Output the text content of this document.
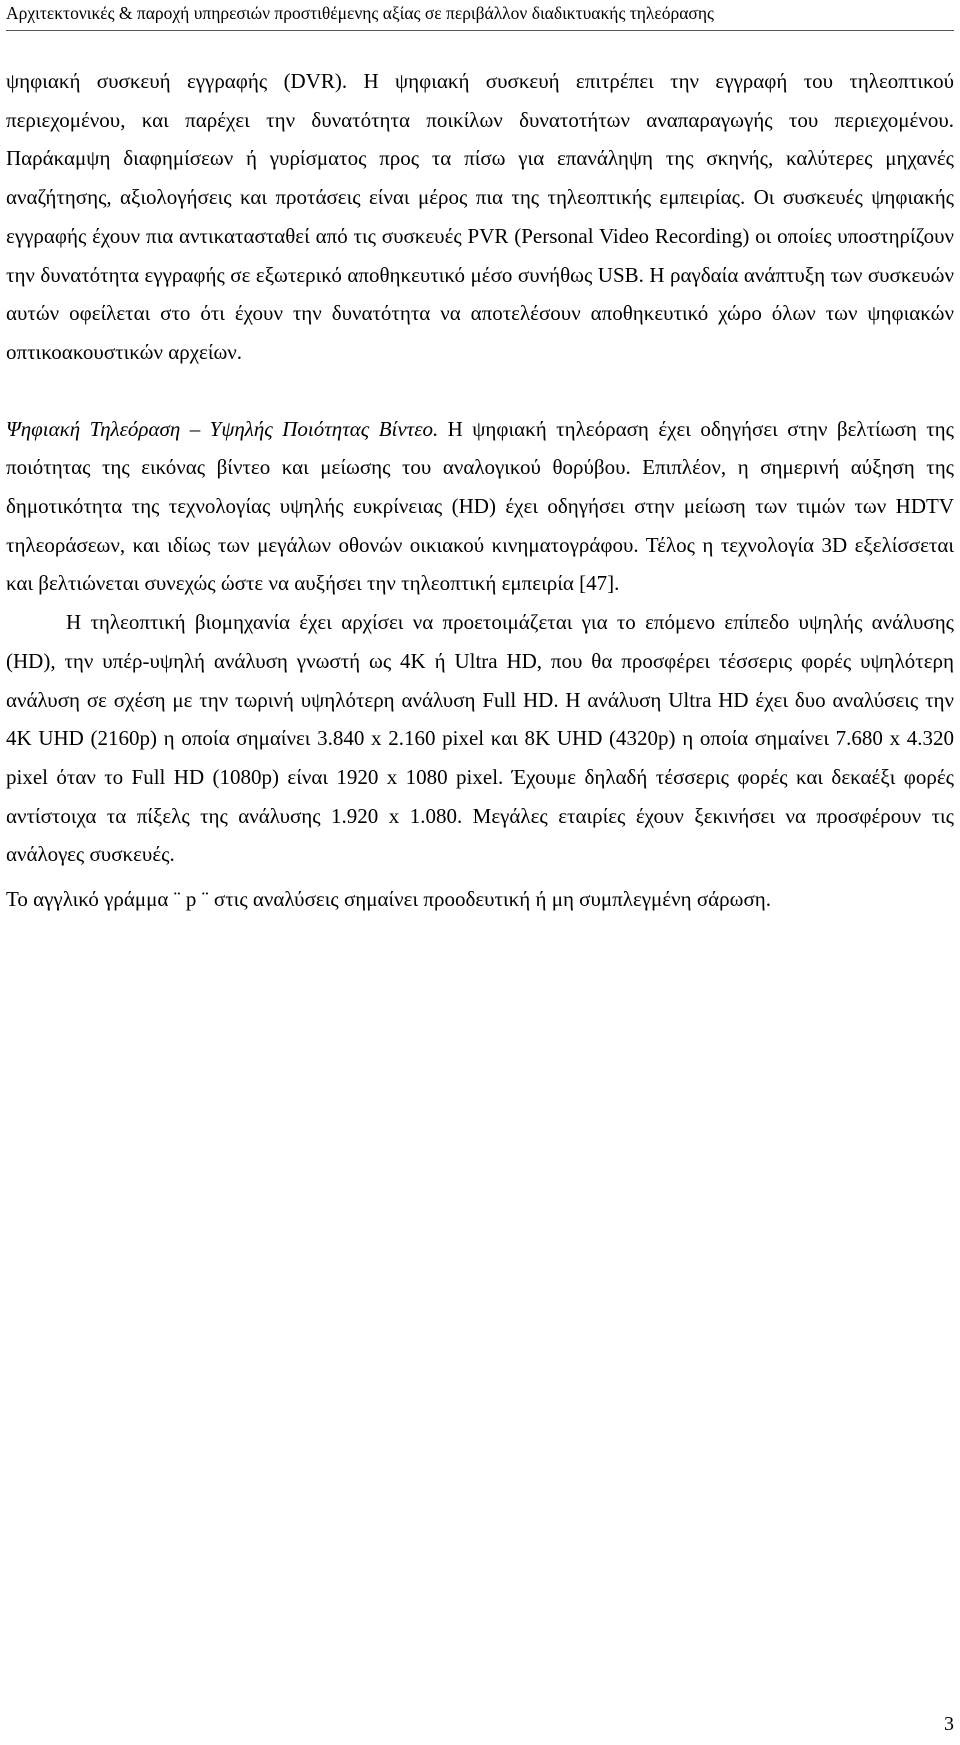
Αρχιτεκτονικές & παροχή υπηρεσιών προστιθέμενης αξίας σε περιβάλλον διαδικτυακής τηλεόρασης

ψηφιακή συσκευή εγγραφής (DVR). Η ψηφιακή συσκευή επιτρέπει την εγγραφή του τηλεοπτικού περιεχομένου, και παρέχει την δυνατότητα ποικίλων δυνατοτήτων αναπαραγωγής του περιεχομένου. Παράκαμψη διαφημίσεων ή γυρίσματος προς τα πίσω για επανάληψη της σκηνής, καλύτερες μηχανές αναζήτησης, αξιολογήσεις και προτάσεις είναι μέρος πια της τηλεοπτικής εμπειρίας. Οι συσκευές ψηφιακής εγγραφής έχουν πια αντικατασταθεί από τις συσκευές PVR (Personal Video Recording) οι οποίες υποστηρίζουν την δυνατότητα εγγραφής σε εξωτερικό αποθηκευτικό μέσο συνήθως USB. Η ραγδαία ανάπτυξη των συσκευών αυτών οφείλεται στο ότι έχουν την δυνατότητα να αποτελέσουν αποθηκευτικό χώρο όλων των ψηφιακών οπτικοακουστικών αρχείων.

Ψηφιακή Τηλεόραση – Υψηλής Ποιότητας Βίντεο. Η ψηφιακή τηλεόραση έχει οδηγήσει στην βελτίωση της ποιότητας της εικόνας βίντεο και μείωσης του αναλογικού θορύβου. Επιπλέον, η σημερινή αύξηση της δημοτικότητα της τεχνολογίας υψηλής ευκρίνειας (HD) έχει οδηγήσει στην μείωση των τιμών των HDTV τηλεοράσεων, και ιδίως των μεγάλων οθονών οικιακού κινηματογράφου. Τέλος η τεχνολογία 3D εξελίσσεται και βελτιώνεται συνεχώς ώστε να αυξήσει την τηλεοπτική εμπειρία [47].

Η τηλεοπτική βιομηχανία έχει αρχίσει να προετοιμάζεται για το επόμενο επίπεδο υψηλής ανάλυσης (HD), την υπέρ-υψηλή ανάλυση γνωστή ως 4K ή Ultra HD, που θα προσφέρει τέσσερις φορές υψηλότερη ανάλυση σε σχέση με την τωρινή υψηλότερη ανάλυση Full HD. Η ανάλυση Ultra HD έχει δυο αναλύσεις την 4K UHD (2160p) η οποία σημαίνει 3.840 x 2.160 pixel και 8K UHD (4320p) η οποία σημαίνει 7.680 x 4.320 pixel όταν το Full HD (1080p) είναι 1920 x 1080 pixel. Έχουμε δηλαδή τέσσερις φορές και δεκαέξι φορές αντίστοιχα τα πίξελς της ανάλυσης 1.920 x 1.080. Μεγάλες εταιρίες έχουν ξεκινήσει να προσφέρουν τις ανάλογες συσκευές.

Το αγγλικό γράμμα ¨ p ¨ στις αναλύσεις σημαίνει προοδευτική ή μη συμπλεγμένη σάρωση.

3
